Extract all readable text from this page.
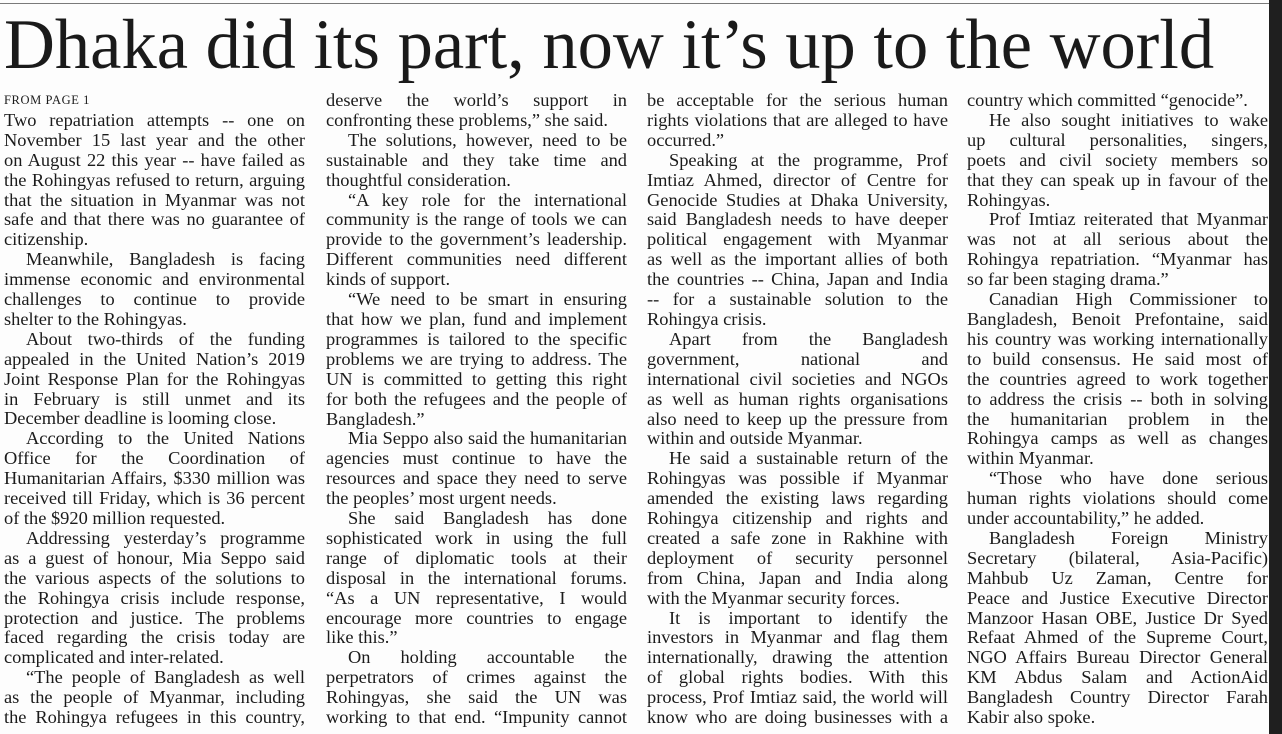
Dhaka did its part, now it’s up to the world
FROM PAGE 1
Two repatriation attempts -- one on
November 15 last year and the other
on August 22 this year -- have failed as
the Rohingyas refused to return, arguing
that the situation in Myanmar was not
safe and that there was no guarantee of
citizenship.
Meanwhile, Bangladesh is facing
immense economic and environmental
challenges to continue to provide
shelter to the Rohingyas.
About two-thirds of the funding
appealed in the United Nation’s 2019
Joint Response Plan for the Rohingyas
in February is still unmet and its
December deadline is looming close.
According to the United Nations
Office for the Coordination of
Humanitarian Affairs, $330 million was
received till Friday, which is 36 percent
of the $920 million requested.
Addressing yesterday’s programme
as a guest of honour, Mia Seppo said
the various aspects of the solutions to
the Rohingya crisis include response,
protection and justice. The problems
faced regarding the crisis today are
complicated and inter-related.
“The people of Bangladesh as well
as the people of Myanmar, including
the Rohingya refugees in this country,
deserve the world’s support in
confronting these problems,” she said.
The solutions, however, need to be
sustainable and they take time and
thoughtful consideration.
“A key role for the international
community is the range of tools we can
provide to the government’s leadership.
Different communities need different
kinds of support.
“We need to be smart in ensuring
that how we plan, fund and implement
programmes is tailored to the specific
problems we are trying to address. The
UN is committed to getting this right
for both the refugees and the people of
Bangladesh.”
Mia Seppo also said the humanitarian
agencies must continue to have the
resources and space they need to serve
the peoples’ most urgent needs.
She said Bangladesh has done
sophisticated work in using the full
range of diplomatic tools at their
disposal in the international forums.
“As a UN representative, I would
encourage more countries to engage
like this.”
On holding accountable the
perpetrators of crimes against the
Rohingyas, she said the UN was
working to that end. “Impunity cannot
be acceptable for the serious human
rights violations that are alleged to have
occurred.”
Speaking at the programme, Prof
Imtiaz Ahmed, director of Centre for
Genocide Studies at Dhaka University,
said Bangladesh needs to have deeper
political engagement with Myanmar
as well as the important allies of both
the countries -- China, Japan and India
-- for a sustainable solution to the
Rohingya crisis.
Apart from the Bangladesh
government, national and
international civil societies and NGOs
as well as human rights organisations
also need to keep up the pressure from
within and outside Myanmar.
He said a sustainable return of the
Rohingyas was possible if Myanmar
amended the existing laws regarding
Rohingya citizenship and rights and
created a safe zone in Rakhine with
deployment of security personnel
from China, Japan and India along
with the Myanmar security forces.
It is important to identify the
investors in Myanmar and flag them
internationally, drawing the attention
of global rights bodies. With this
process, Prof Imtiaz said, the world will
know who are doing businesses with a
country which committed “genocide”.
He also sought initiatives to wake
up cultural personalities, singers,
poets and civil society members so
that they can speak up in favour of the
Rohingyas.
Prof Imtiaz reiterated that Myanmar
was not at all serious about the
Rohingya repatriation. “Myanmar has
so far been staging drama.”
Canadian High Commissioner to
Bangladesh, Benoit Prefontaine, said
his country was working internationally
to build consensus. He said most of
the countries agreed to work together
to address the crisis -- both in solving
the humanitarian problem in the
Rohingya camps as well as changes
within Myanmar.
“Those who have done serious
human rights violations should come
under accountability,” he added.
Bangladesh Foreign Ministry
Secretary (bilateral, Asia-Pacific)
Mahbub Uz Zaman, Centre for
Peace and Justice Executive Director
Manzoor Hasan OBE, Justice Dr Syed
Refaat Ahmed of the Supreme Court,
NGO Affairs Bureau Director General
KM Abdus Salam and ActionAid
Bangladesh Country Director Farah
Kabir also spoke.
